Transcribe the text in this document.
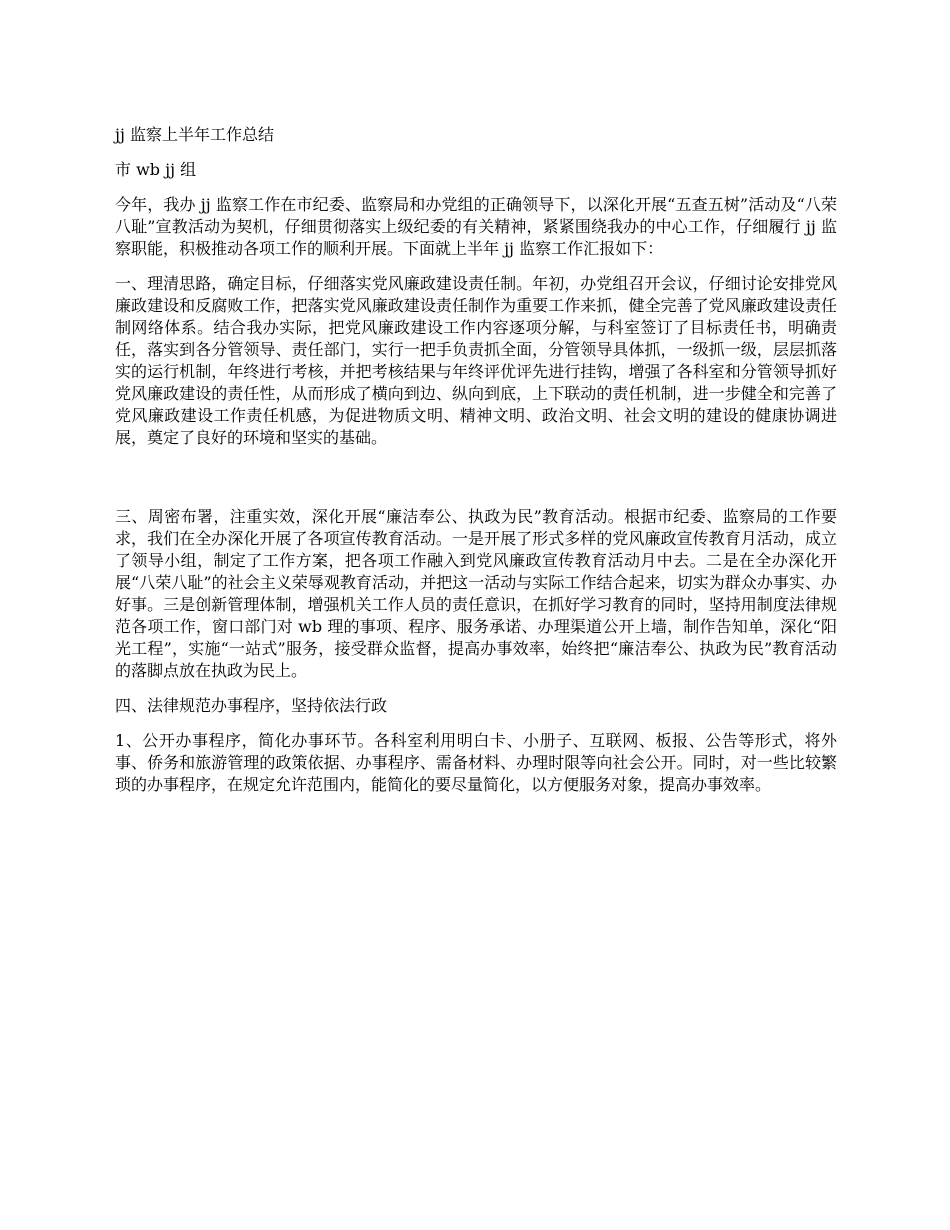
jj 监察上半年工作总结

市 wb jj 组

今年，我办 jj 监察工作在市纪委、监察局和办党组的正确领导下，以深化开展“五查五树”活动及“八荣八耻”宣教活动为契机，仔细贯彻落实上级纪委的有关精神，紧紧围绕我办的中心工作，仔细履行 jj 监察职能，积极推动各项工作的顺利开展。下面就上半年 jj 监察工作汇报如下：

一、理清思路，确定目标，仔细落实党风廉政建设责任制。年初，办党组召开会议，仔细讨论安排党风廉政建设和反腐败工作，把落实党风廉政建设责任制作为重要工作来抓，健全完善了党风廉政建设责任制网络体系。结合我办实际，把党风廉政建设工作内容逐项分解，与科室签订了目标责任书，明确责任，落实到各分管领导、责任部门，实行一把手负责抓全面，分管领导具体抓，一级抓一级，层层抓落实的运行机制，年终进行考核，并把考核结果与年终评优评先进行挂钩，增强了各科室和分管领导抓好党风廉政建设的责任性，从而形成了横向到边、纵向到底，上下联动的责任机制，进一步健全和完善了党风廉政建设工作责任机感，为促进物质文明、精神文明、政治文明、社会文明的建设的健康协调进展，奠定了良好的环境和坚实的基础。

三、周密布署，注重实效，深化开展“廉洁奉公、执政为民”教育活动。根据市纪委、监察局的工作要求，我们在全办深化开展了各项宣传教育活动。一是开展了形式多样的党风廉政宣传教育月活动，成立了领导小组，制定了工作方案，把各项工作融入到党风廉政宣传教育活动月中去。二是在全办深化开展“八荣八耻”的社会主义荣辱观教育活动，并把这一活动与实际工作结合起来，切实为群众办事实、办好事。三是创新管理体制，增强机关工作人员的责任意识，在抓好学习教育的同时，坚持用制度法律规范各项工作，窗口部门对 wb 理的事项、程序、服务承诺、办理渠道公开上墙，制作告知单，深化“阳光工程”，实施“一站式”服务，接受群众监督，提高办事效率，始终把“廉洁奉公、执政为民”教育活动的落脚点放在执政为民上。

四、法律规范办事程序，坚持依法行政

1、公开办事程序，简化办事环节。各科室利用明白卡、小册子、互联网、板报、公告等形式，将外事、侨务和旅游管理的政策依据、办事程序、需备材料、办理时限等向社会公开。同时，对一些比较繁琐的办事程序，在规定允许范围内，能简化的要尽量简化，以方便服务对象，提高办事效率。
